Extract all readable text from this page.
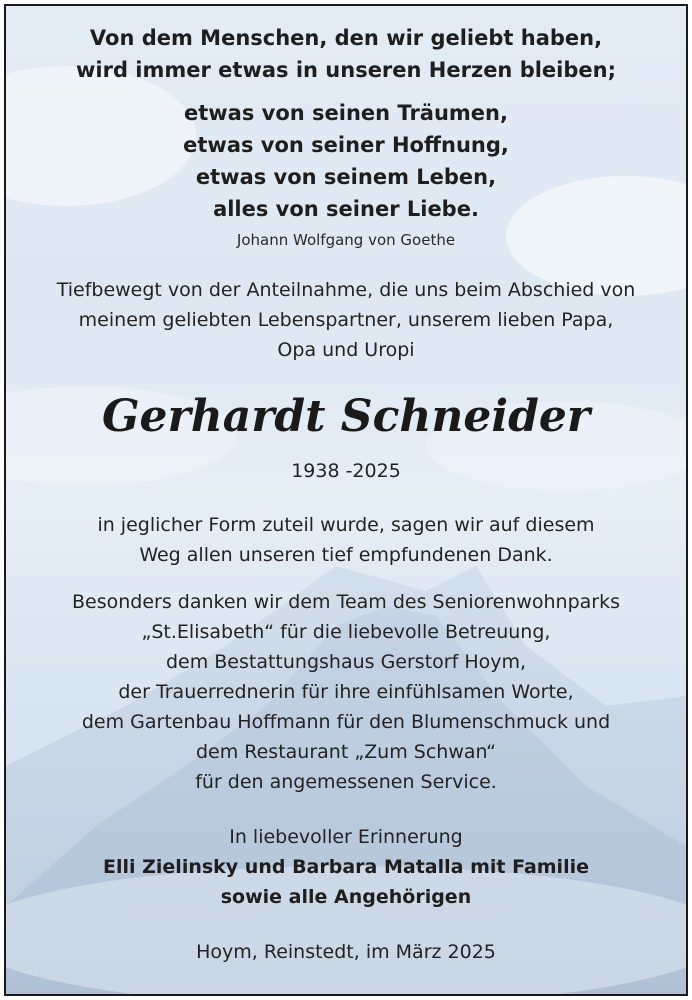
Von dem Menschen, den wir geliebt haben,
wird immer etwas in unseren Herzen bleiben;
etwas von seinen Träumen,
etwas von seiner Hoffnung,
etwas von seinem Leben,
alles von seiner Liebe.
Johann Wolfgang von Goethe
Tiefbewegt von der Anteilnahme, die uns beim Abschied von
meinem geliebten Lebenspartner, unserem lieben Papa,
Opa und Uropi
Gerhardt Schneider
1938 -2025
in jeglicher Form zuteil wurde, sagen wir auf diesem
Weg allen unseren tief empfundenen Dank.
Besonders danken wir dem Team des Seniorenwohnparks
„St.Elisabeth“ für die liebevolle Betreuung,
dem Bestattungshaus Gerstorf Hoym,
der Trauerrednerin für ihre einfühlsamen Worte,
dem Gartenbau Hoffmann für den Blumenschmuck und
dem Restaurant „Zum Schwan“
für den angemessenen Service.
In liebevoller Erinnerung
Elli Zielinsky und Barbara Matalla mit Familie
sowie alle Angehörigen
Hoym, Reinstedt, im März 2025
